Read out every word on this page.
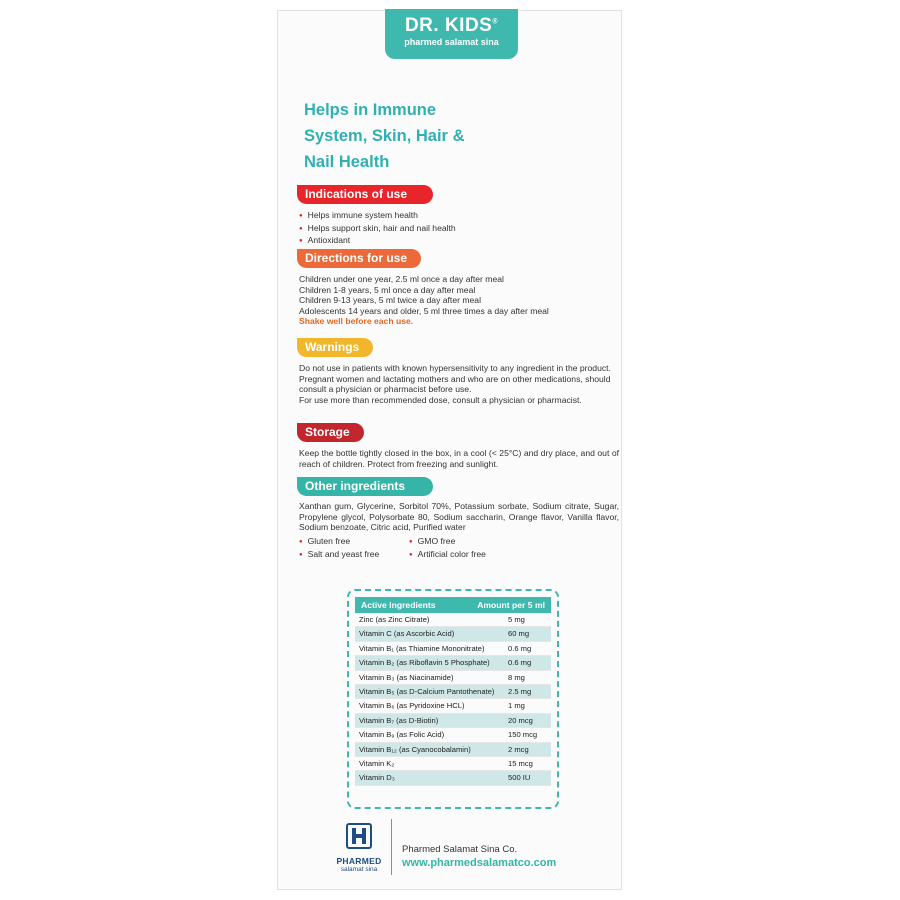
DR. KIDS®
pharmed salamat sina
Helps in Immune
System, Skin, Hair &
Nail Health
Indications of use
● Helps immune system health
● Helps support skin, hair and nail health
● Antioxidant
Directions for use
Children under one year, 2.5 ml once a day after meal
Children 1-8 years, 5 ml once a day after meal
Children 9-13 years, 5 ml twice a day after meal
Adolescents 14 years and older, 5 ml three times a day after meal
Shake well before each use.
Warnings
Do not use in patients with known hypersensitivity to any ingredient in the product.
Pregnant women and lactating mothers and who are on other medications, should consult a physician or pharmacist before use.
For use more than recommended dose, consult a physician or pharmacist.
Storage
Keep the bottle tightly closed in the box, in a cool (< 25°C) and dry place, and out of reach of children. Protect from freezing and sunlight.
Other ingredients
Xanthan gum, Glycerine, Sorbitol 70%, Potassium sorbate, Sodium citrate, Sugar, Propylene glycol, Polysorbate 80, Sodium saccharin, Orange flavor, Vanilla flavor, Sodium benzoate, Citric acid, Purified water
● Gluten free	● GMO free
● Salt and yeast free	● Artificial color free
Active Ingredients	Amount per 5 ml
Zinc (as Zinc Citrate)	5 mg
Vitamin C (as Ascorbic Acid)	60 mg
Vitamin B₁ (as Thiamine Mononitrate)	0.6 mg
Vitamin B₂ (as Riboflavin 5 Phosphate)	0.6 mg
Vitamin B₃ (as Niacinamide)	8 mg
Vitamin B₅ (as D-Calcium Pantothenate)	2.5 mg
Vitamin B₆ (as Pyridoxine HCL)	1 mg
Vitamin B₇ (as D-Biotin)	20 mcg
Vitamin B₉ (as Folic Acid)	150 mcg
Vitamin B₁₂ (as Cyanocobalamin)	2 mcg
Vitamin K₂	15 mcg
Vitamin D₃	500 IU
PHARMED
salamat sina
Pharmed Salamat Sina Co.
www.pharmedsalamatco.com
